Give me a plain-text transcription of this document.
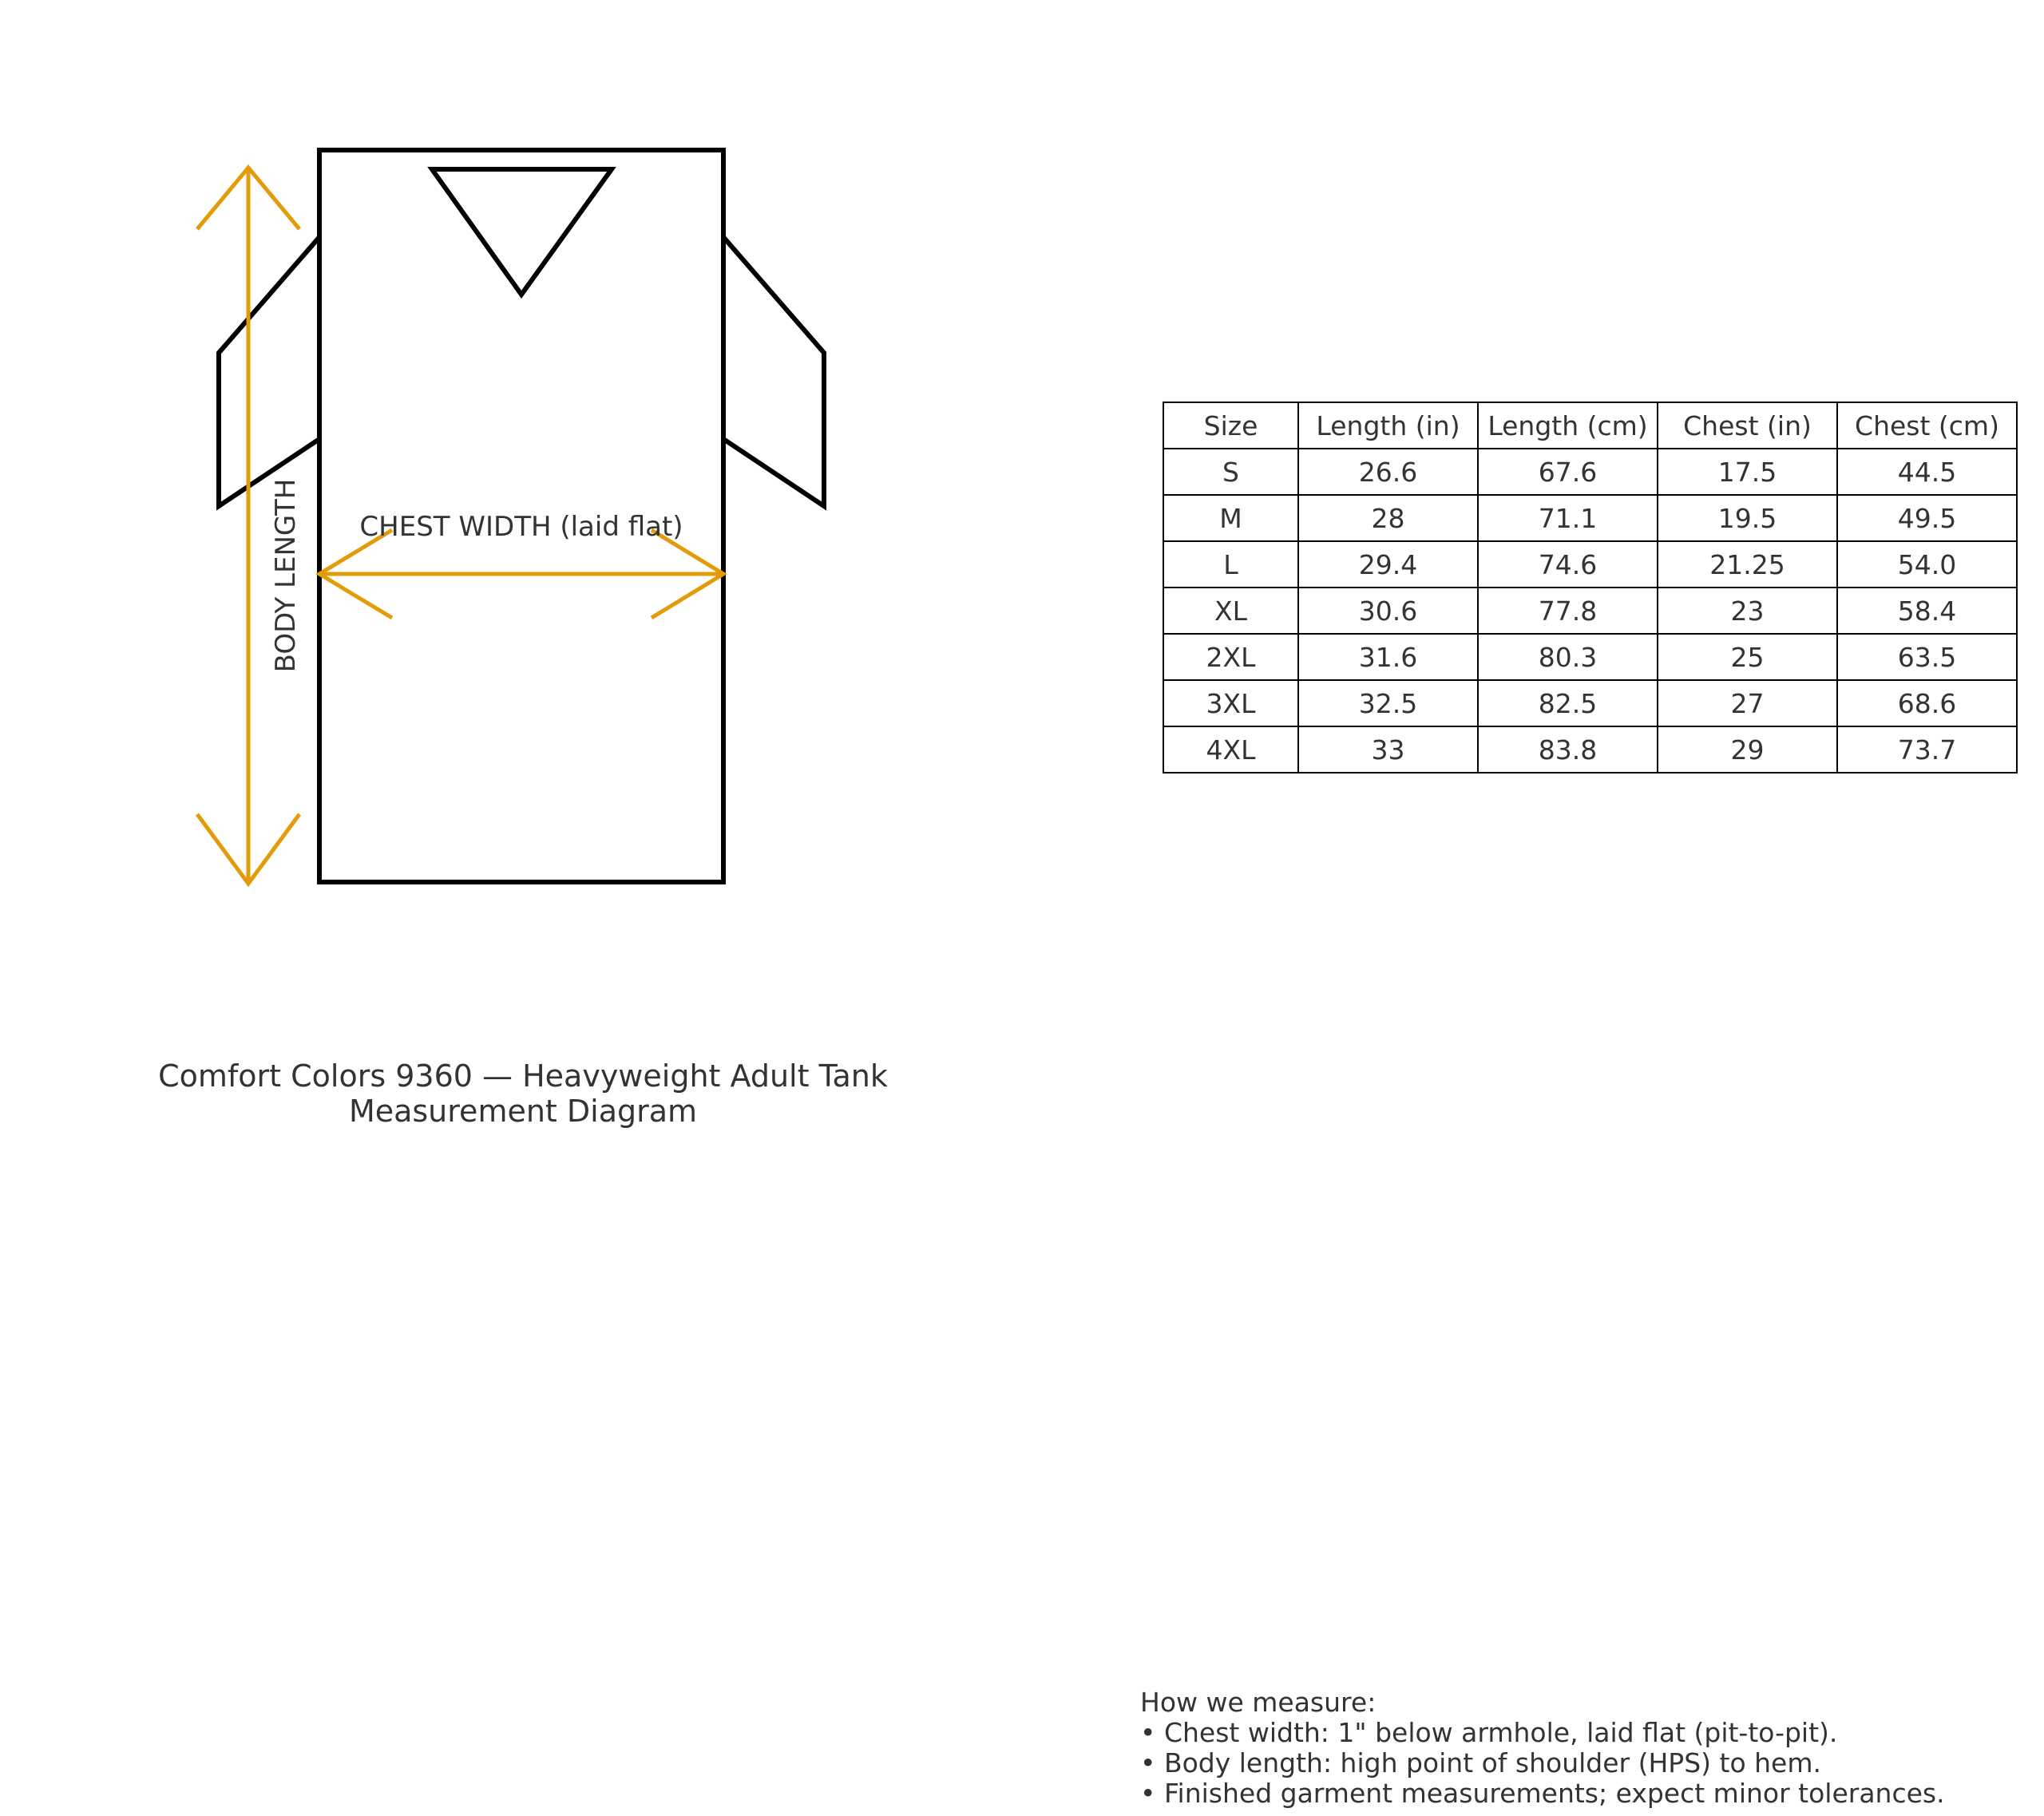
BODY LENGTH CHEST WIDTH (laid flat)
Comfort Colors 9360 — Heavyweight Adult Tank
Measurement Diagram
Size	Length (in)	Length (cm)	Chest (in)	Chest (cm)
S	26.6	67.6	17.5	44.5
M	28	71.1	19.5	49.5
L	29.4	74.6	21.25	54.0
XL	30.6	77.8	23	58.4
2XL	31.6	80.3	25	63.5
3XL	32.5	82.5	27	68.6
4XL	33	83.8	29	73.7
How we measure:
• Chest width: 1" below armhole, laid flat (pit-to-pit).
• Body length: high point of shoulder (HPS) to hem.
• Finished garment measurements; expect minor tolerances.
